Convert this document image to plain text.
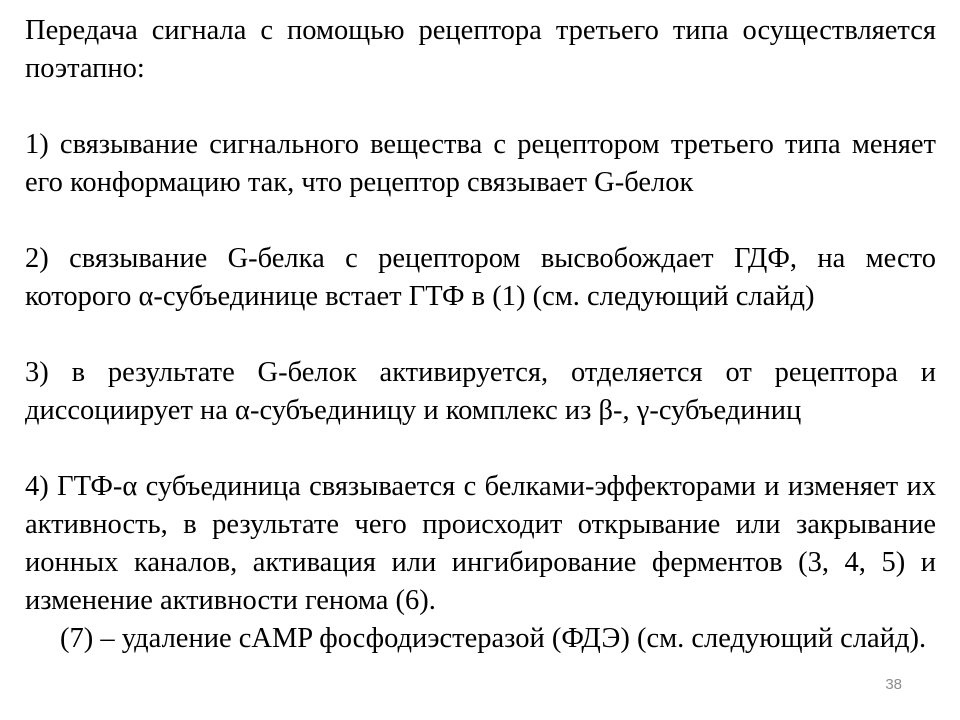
Передача сигнала с помощью рецептора третьего типа осуществляется поэтапно:

1) связывание сигнального вещества с рецептором третьего типа меняет его конформацию так, что рецептор связывает G-белок

2) связывание G-белка с рецептором высвобождает ГДФ, на место которого α-субъединице встает ГТФ в (1) (см. следующий слайд)

3) в результате G-белок активируется, отделяется от рецептора и диссоциирует на α-субъединицу и комплекс из β-, γ-субъединиц

4) ГТФ-α субъединица связывается с белками-эффекторами и изменяет их активность, в результате чего происходит открывание или закрывание ионных каналов, активация или ингибирование ферментов (3, 4, 5) и изменение активности генома (6).

(7) – удаление cAMP фосфодиэстеразой (ФДЭ) (см. следующий слайд).

38
